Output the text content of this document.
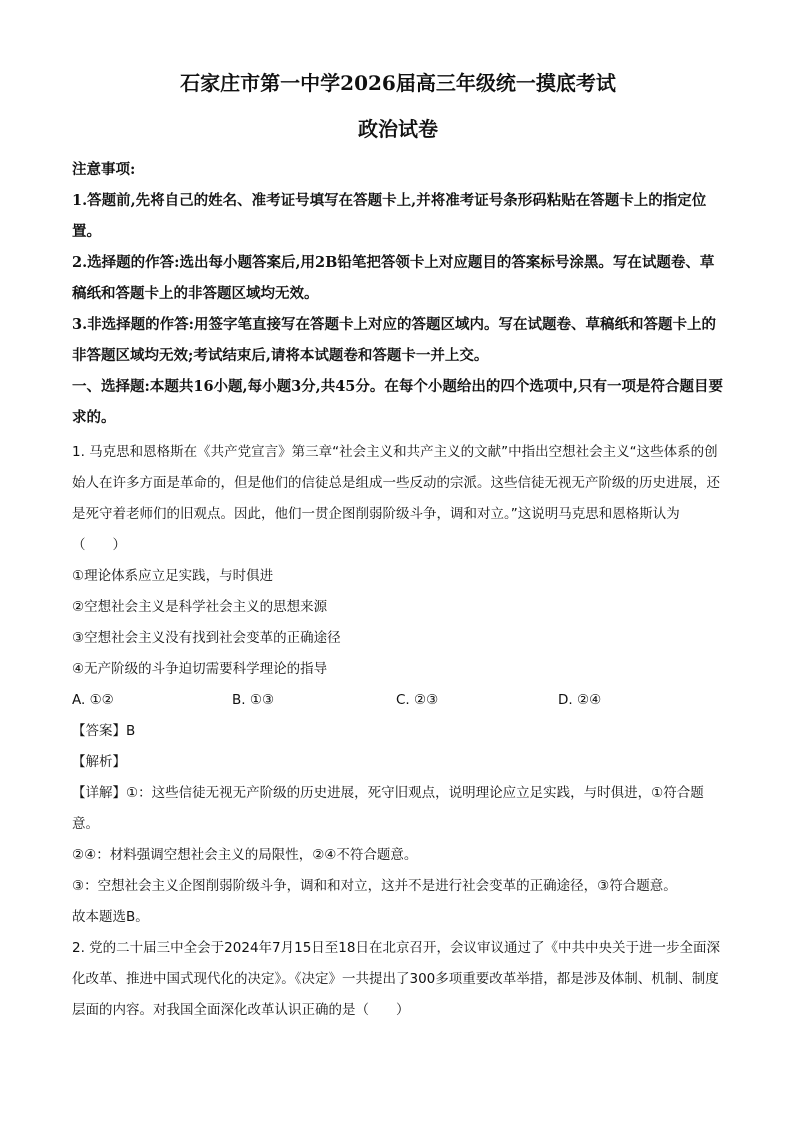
石家庄市第一中学2026届高三年级统一摸底考试
政治试卷
注意事项:
1.答题前,先将自己的姓名、准考证号填写在答题卡上,并将准考证号条形码粘贴在答题卡上的指定位置。
2.选择题的作答:选出每小题答案后,用2B铅笔把答领卡上对应题目的答案标号涂黑。写在试题卷、草稿纸和答题卡上的非答题区域均无效。
3.非选择题的作答:用签字笔直接写在答题卡上对应的答题区域内。写在试题卷、草稿纸和答题卡上的非答题区域均无效;考试结束后,请将本试题卷和答题卡一并上交。
一、选择题:本题共16小题,每小题3分,共45分。在每个小题给出的四个选项中,只有一项是符合题目要求的。
1. 马克思和恩格斯在《共产党宣言》第三章“社会主义和共产主义的文献”中指出空想社会主义“这些体系的创始人在许多方面是革命的，但是他们的信徒总是组成一些反动的宗派。这些信徒无视无产阶级的历史进展，还是死守着老师们的旧观点。因此，他们一贯企图削弱阶级斗争，调和对立。”这说明马克思和恩格斯认为（　　）
①理论体系应立足实践，与时俱进
②空想社会主义是科学社会主义的思想来源
③空想社会主义没有找到社会变革的正确途径
④无产阶级的斗争迫切需要科学理论的指导
A. ①②	B. ①③	C. ②③	D. ②④
【答案】B
【解析】
【详解】①：这些信徒无视无产阶级的历史进展，死守旧观点，说明理论应立足实践，与时俱进，①符合题意。
②④：材料强调空想社会主义的局限性，②④不符合题意。
③：空想社会主义企图削弱阶级斗争，调和和对立，这并不是进行社会变革的正确途径，③符合题意。
故本题选B。
2. 党的二十届三中全会于2024年7月15日至18日在北京召开，会议审议通过了《中共中央关于进一步全面深化改革、推进中国式现代化的决定》。《决定》一共提出了300多项重要改革举措，都是涉及体制、机制、制度层面的内容。对我国全面深化改革认识正确的是（　　）
